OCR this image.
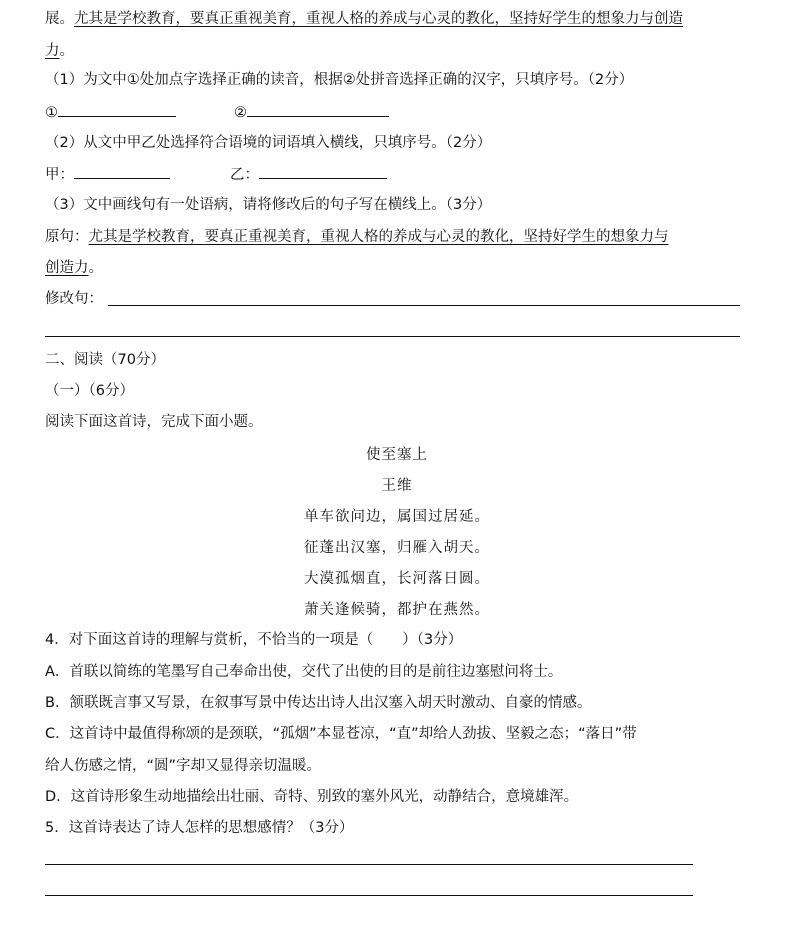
展。尤其是学校教育，要真正重视美育，重视人格的养成与心灵的教化，坚持好学生的想象力与创造
力。
（1）为文中①处加点字选择正确的读音，根据②处拼音选择正确的汉字，只填序号。（2分）
①	②
（2）从文中甲乙处选择符合语境的词语填入横线，只填序号。（2分）
甲：	乙：
（3）文中画线句有一处语病，请将修改后的句子写在横线上。（3分）
原句：尤其是学校教育，要真正重视美育，重视人格的养成与心灵的教化，坚持好学生的想象力与
创造力。
修改句：
二、阅读（70分）
（一）（6分）
阅读下面这首诗，完成下面小题。
使至塞上
王维
单车欲问边，属国过居延。
征蓬出汉塞，归雁入胡天。
大漠孤烟直，长河落日圆。
萧关逢候骑，都护在燕然。
4．对下面这首诗的理解与赏析，不恰当的一项是（　　）（3分）
A．首联以简练的笔墨写自己奉命出使，交代了出使的目的是前往边塞慰问将士。
B．颔联既言事又写景，在叙事写景中传达出诗人出汉塞入胡天时激动、自豪的情感。
C．这首诗中最值得称颂的是颈联，“孤烟”本显苍凉，“直”却给人劲拔、坚毅之态；“落日”带
给人伤感之情，“圆”字却又显得亲切温暖。
D．这首诗形象生动地描绘出壮丽、奇特、别致的塞外风光，动静结合，意境雄浑。
5．这首诗表达了诗人怎样的思想感情？（3分）
